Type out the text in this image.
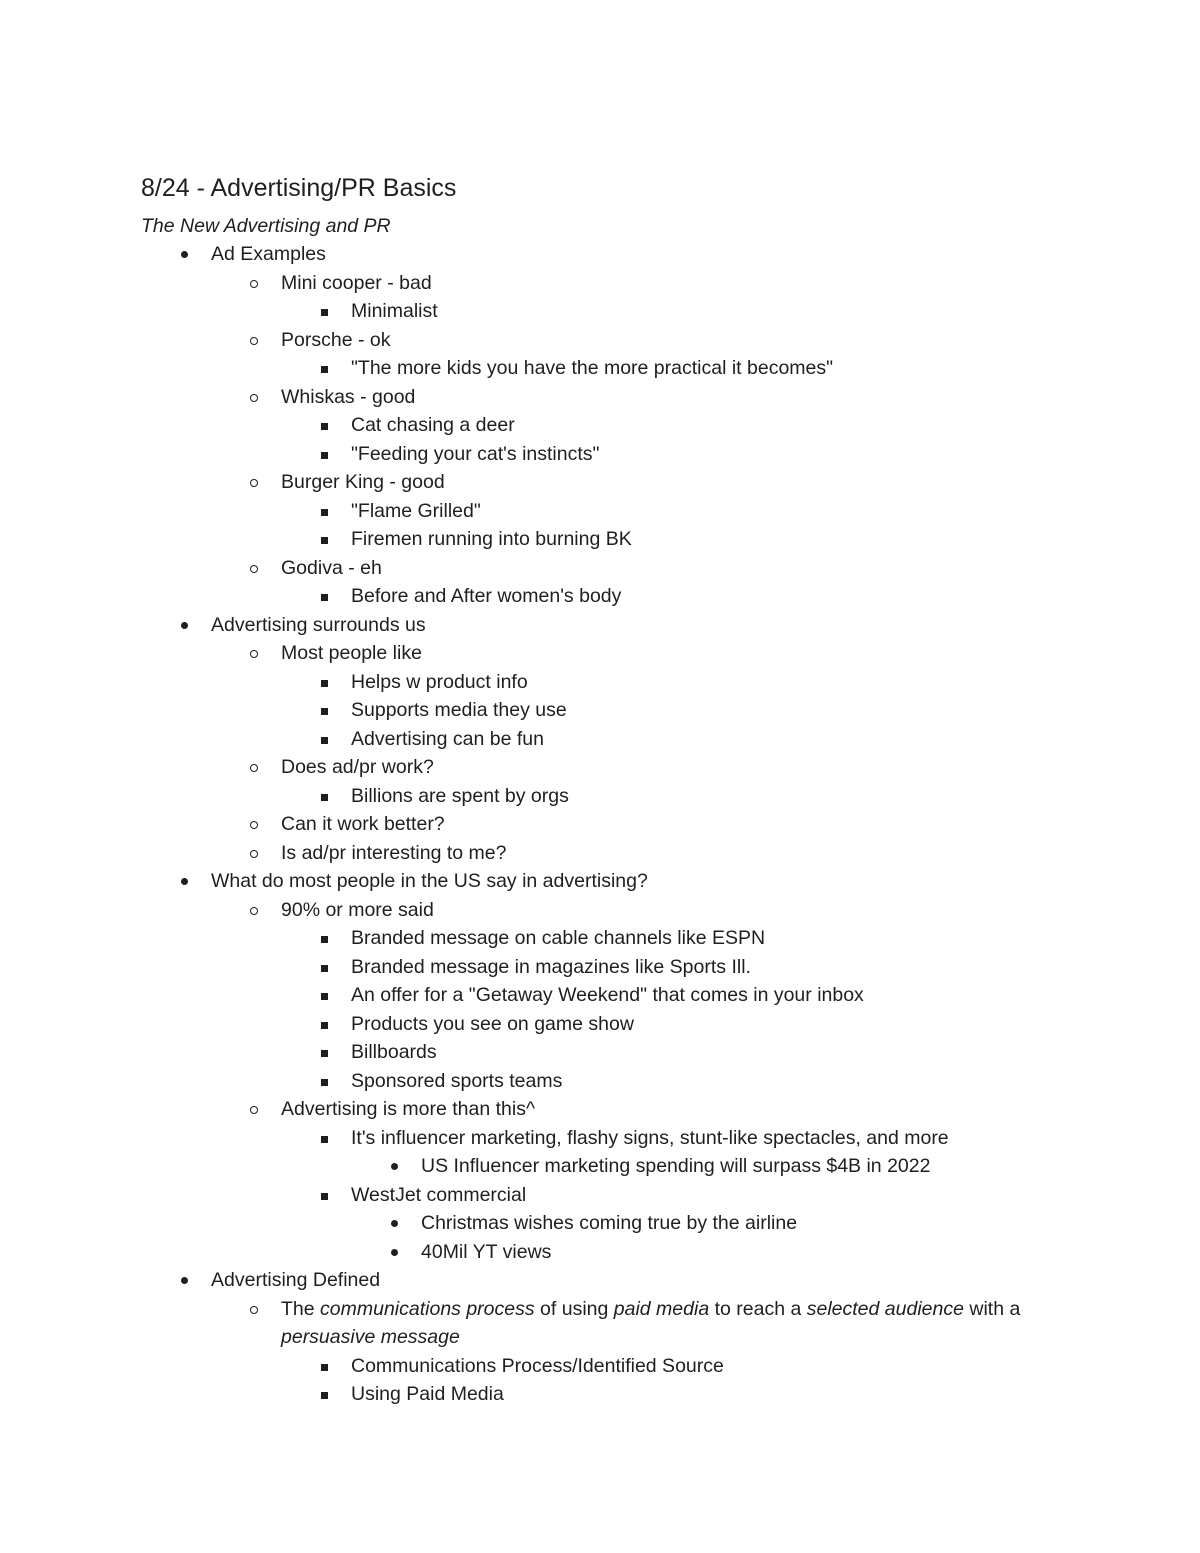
8/24 - Advertising/PR Basics

The New Advertising and PR

Ad Examples
Mini cooper - bad
Minimalist
Porsche - ok
"The more kids you have the more practical it becomes"
Whiskas - good
Cat chasing a deer
"Feeding your cat's instincts"
Burger King - good
"Flame Grilled"
Firemen running into burning BK
Godiva - eh
Before and After women's body
Advertising surrounds us
Most people like
Helps w product info
Supports media they use
Advertising can be fun
Does ad/pr work?
Billions are spent by orgs
Can it work better?
Is ad/pr interesting to me?
What do most people in the US say in advertising?
90% or more said
Branded message on cable channels like ESPN
Branded message in magazines like Sports Ill.
An offer for a "Getaway Weekend" that comes in your inbox
Products you see on game show
Billboards
Sponsored sports teams
Advertising is more than this^
It's influencer marketing, flashy signs, stunt-like spectacles, and more
US Influencer marketing spending will surpass $4B in 2022
WestJet commercial
Christmas wishes coming true by the airline
40Mil YT views
Advertising Defined
The communications process of using paid media to reach a selected audience with a persuasive message
Communications Process/Identified Source
Using Paid Media
